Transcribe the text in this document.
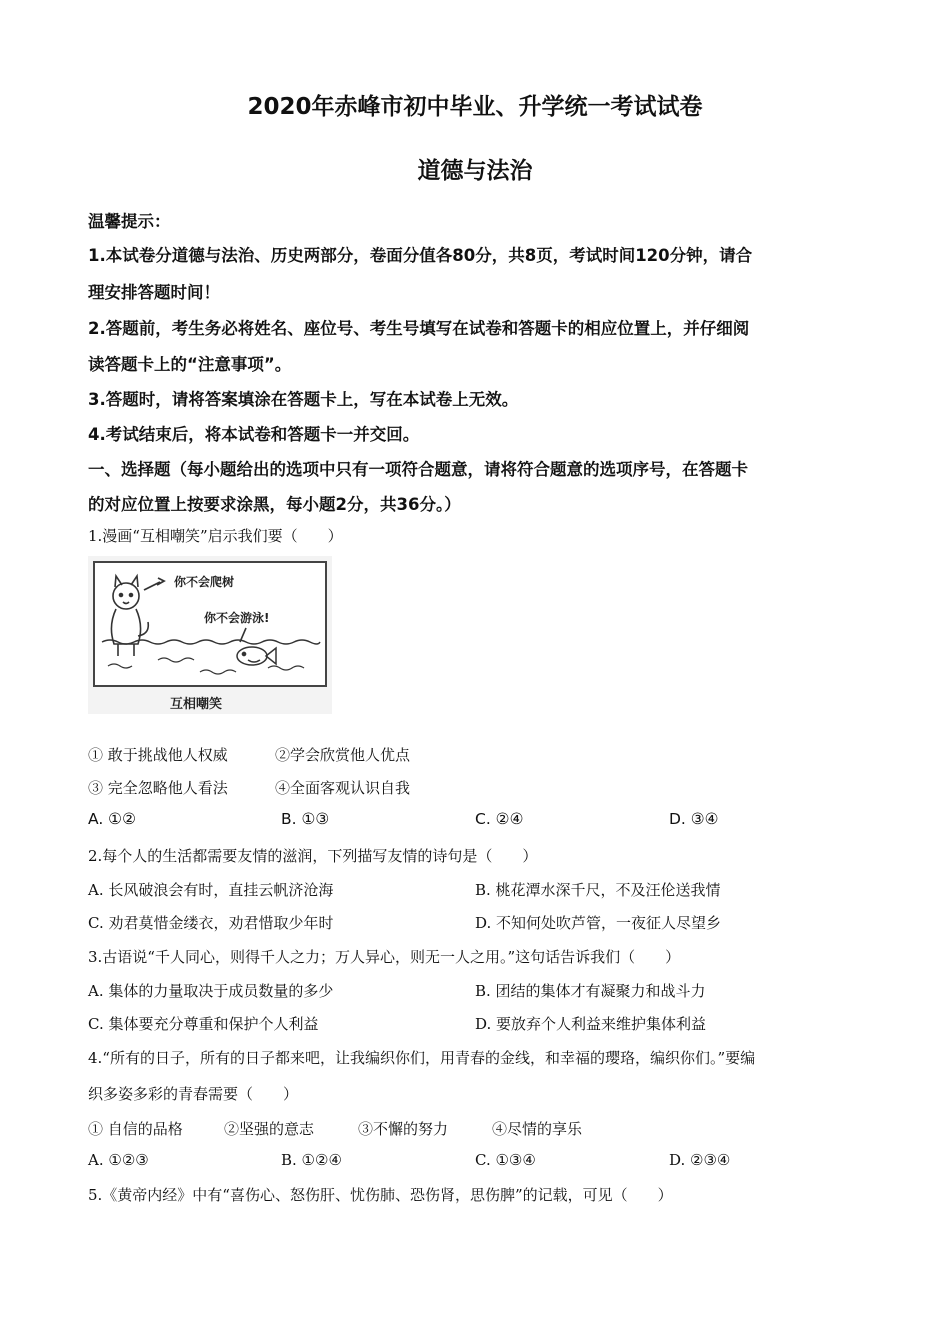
2020年赤峰市初中毕业、升学统一考试试卷
道德与法治
温馨提示：
1.本试卷分道德与法治、历史两部分，卷面分值各80分，共8页，考试时间120分钟，请合
理安排答题时间！
2.答题前，考生务必将姓名、座位号、考生号填写在试卷和答题卡的相应位置上，并仔细阅
读答题卡上的“注意事项”。
3.答题时，请将答案填涂在答题卡上，写在本试卷上无效。
4.考试结束后，将本试卷和答题卡一并交回。
一、选择题（每小题给出的选项中只有一项符合题意，请将符合题意的选项序号，在答题卡
的对应位置上按要求涂黑，每小题2分，共36分。）
1.漫画“互相嘲笑”启示我们要（　　）
你不会爬树
你不会游泳!
互相嘲笑
① 敢于挑战他人权威	②学会欣赏他人优点
③ 完全忽略他人看法	④全面客观认识自我
A. ①②	B. ①③	C. ②④	D. ③④
2.每个人的生活都需要友情的滋润，下列描写友情的诗句是（　　）
A. 长风破浪会有时，直挂云帆济沧海	B. 桃花潭水深千尺，不及汪伦送我情
C. 劝君莫惜金缕衣，劝君惜取少年时	D. 不知何处吹芦管，一夜征人尽望乡
3.古语说“千人同心，则得千人之力；万人异心，则无一人之用。”这句话告诉我们（　　）
A. 集体的力量取决于成员数量的多少	B. 团结的集体才有凝聚力和战斗力
C. 集体要充分尊重和保护个人利益	D. 要放弃个人利益来维护集体利益
4.“所有的日子，所有的日子都来吧，让我编织你们，用青春的金线，和幸福的璎珞，编织你们。”要编
织多姿多彩的青春需要（　　）
① 自信的品格	②坚强的意志	③不懈的努力	④尽情的享乐
A. ①②③	B. ①②④	C. ①③④	D. ②③④
5.《黄帝内经》中有“喜伤心、怒伤肝、忧伤肺、恐伤肾，思伤脾”的记载，可见（　　）
